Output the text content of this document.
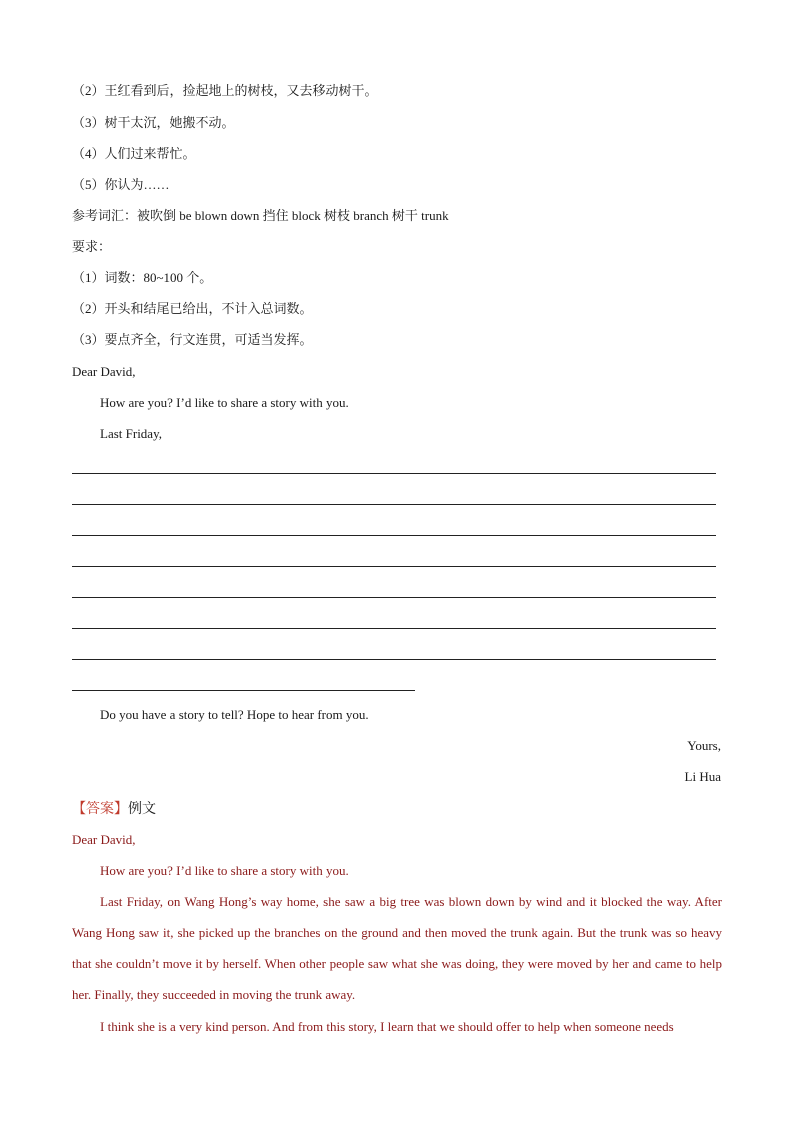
（2）王红看到后，捡起地上的树枝，又去移动树干。
（3）树干太沉，她搬不动。
（4）人们过来帮忙。
（5）你认为……
参考词汇：被吹倒 be blown down 挡住 block 树枝 branch 树干 trunk
要求：
（1）词数：80~100 个。
（2）开头和结尾已给出，不计入总词数。
（3）要点齐全，行文连贯，可适当发挥。
Dear David,
How are you? I’d like to share a story with you.
Last Friday,
Do you have a story to tell? Hope to hear from you.
Yours,
Li Hua
【答案】例文
Dear David,
How are you? I’d like to share a story with you.
Last Friday, on Wang Hong’s way home, she saw a big tree was blown down by wind and it blocked the way. After Wang Hong saw it, she picked up the branches on the ground and then moved the trunk again. But the trunk was so heavy that she couldn’t move it by herself. When other people saw what she was doing, they were moved by her and came to help her. Finally, they succeeded in moving the trunk away.
I think she is a very kind person. And from this story, I learn that we should offer to help when someone needs
